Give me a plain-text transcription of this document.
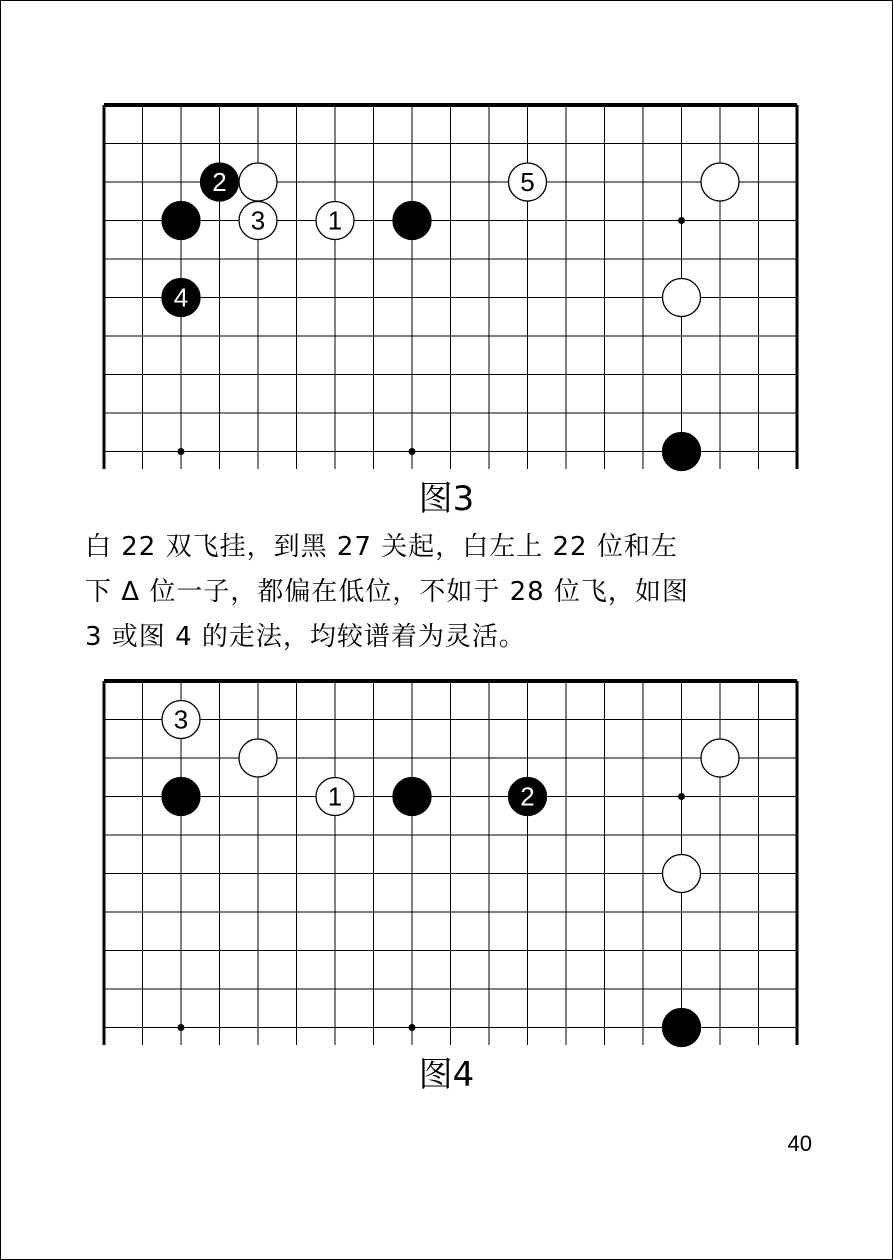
2	5
3 1
4
图3

白 22 双飞挂，到黑 27 关起，白左上 22 位和左
下 Δ 位一子，都偏在低位，不如于 28 位飞，如图
3 或图 4 的走法，均较谱着为灵活。

3
1	2
图4
40
